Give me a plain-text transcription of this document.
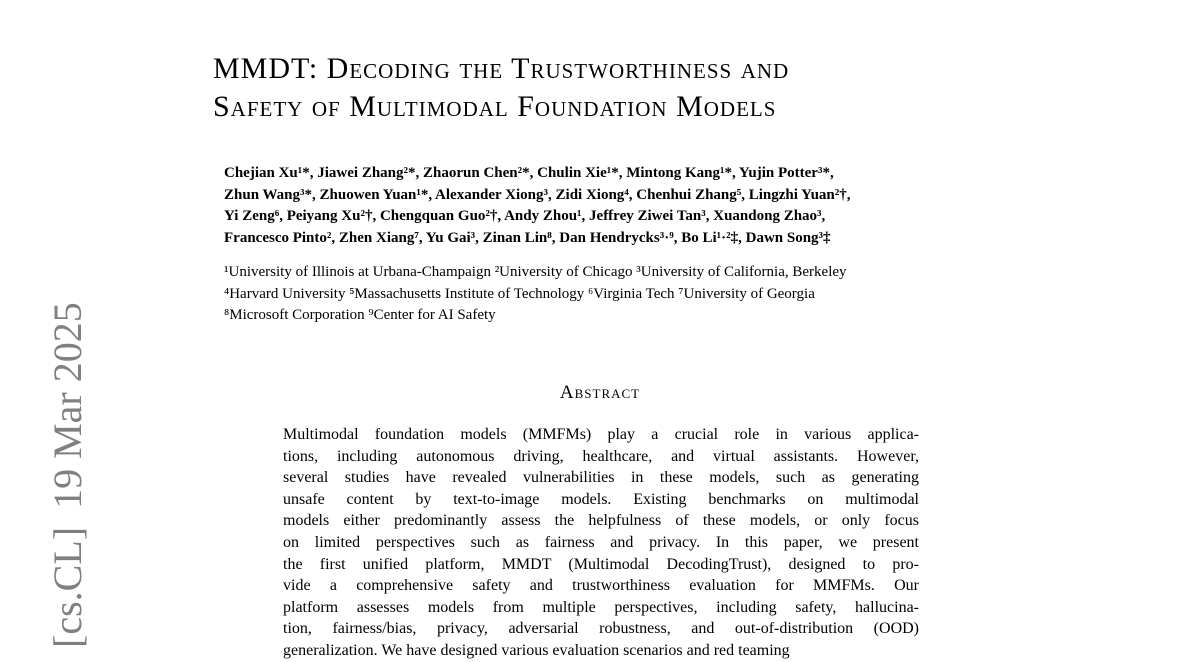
[cs.CL]19 Mar 2025
MMDT: Decoding the Trustworthiness and
Safety of Multimodal Foundation Models
Chejian Xu¹*, Jiawei Zhang²*, Zhaorun Chen²*, Chulin Xie¹*, Mintong Kang¹*, Yujin Potter³*,
Zhun Wang³*, Zhuowen Yuan¹*, Alexander Xiong³, Zidi Xiong⁴, Chenhui Zhang⁵, Lingzhi Yuan²†,
Yi Zeng⁶, Peiyang Xu²†, Chengquan Guo²†, Andy Zhou¹, Jeffrey Ziwei Tan³, Xuandong Zhao³,
Francesco Pinto², Zhen Xiang⁷, Yu Gai³, Zinan Lin⁸, Dan Hendrycks³·⁹, Bo Li¹·²‡, Dawn Song³‡
¹University of Illinois at Urbana-Champaign ²University of Chicago ³University of California, Berkeley
⁴Harvard University ⁵Massachusetts Institute of Technology ⁶Virginia Tech ⁷University of Georgia
⁸Microsoft Corporation ⁹Center for AI Safety
Abstract
Multimodal foundation models (MMFMs) play a crucial role in various applica-
tions, including autonomous driving, healthcare, and virtual assistants. However,
several studies have revealed vulnerabilities in these models, such as generating
unsafe content by text-to-image models. Existing benchmarks on multimodal
models either predominantly assess the helpfulness of these models, or only focus
on limited perspectives such as fairness and privacy. In this paper, we present
the first unified platform, MMDT (Multimodal DecodingTrust), designed to pro-
vide a comprehensive safety and trustworthiness evaluation for MMFMs. Our
platform assesses models from multiple perspectives, including safety, hallucina-
tion, fairness/bias, privacy, adversarial robustness, and out-of-distribution (OOD)
generalization. We have designed various evaluation scenarios and red teaming
